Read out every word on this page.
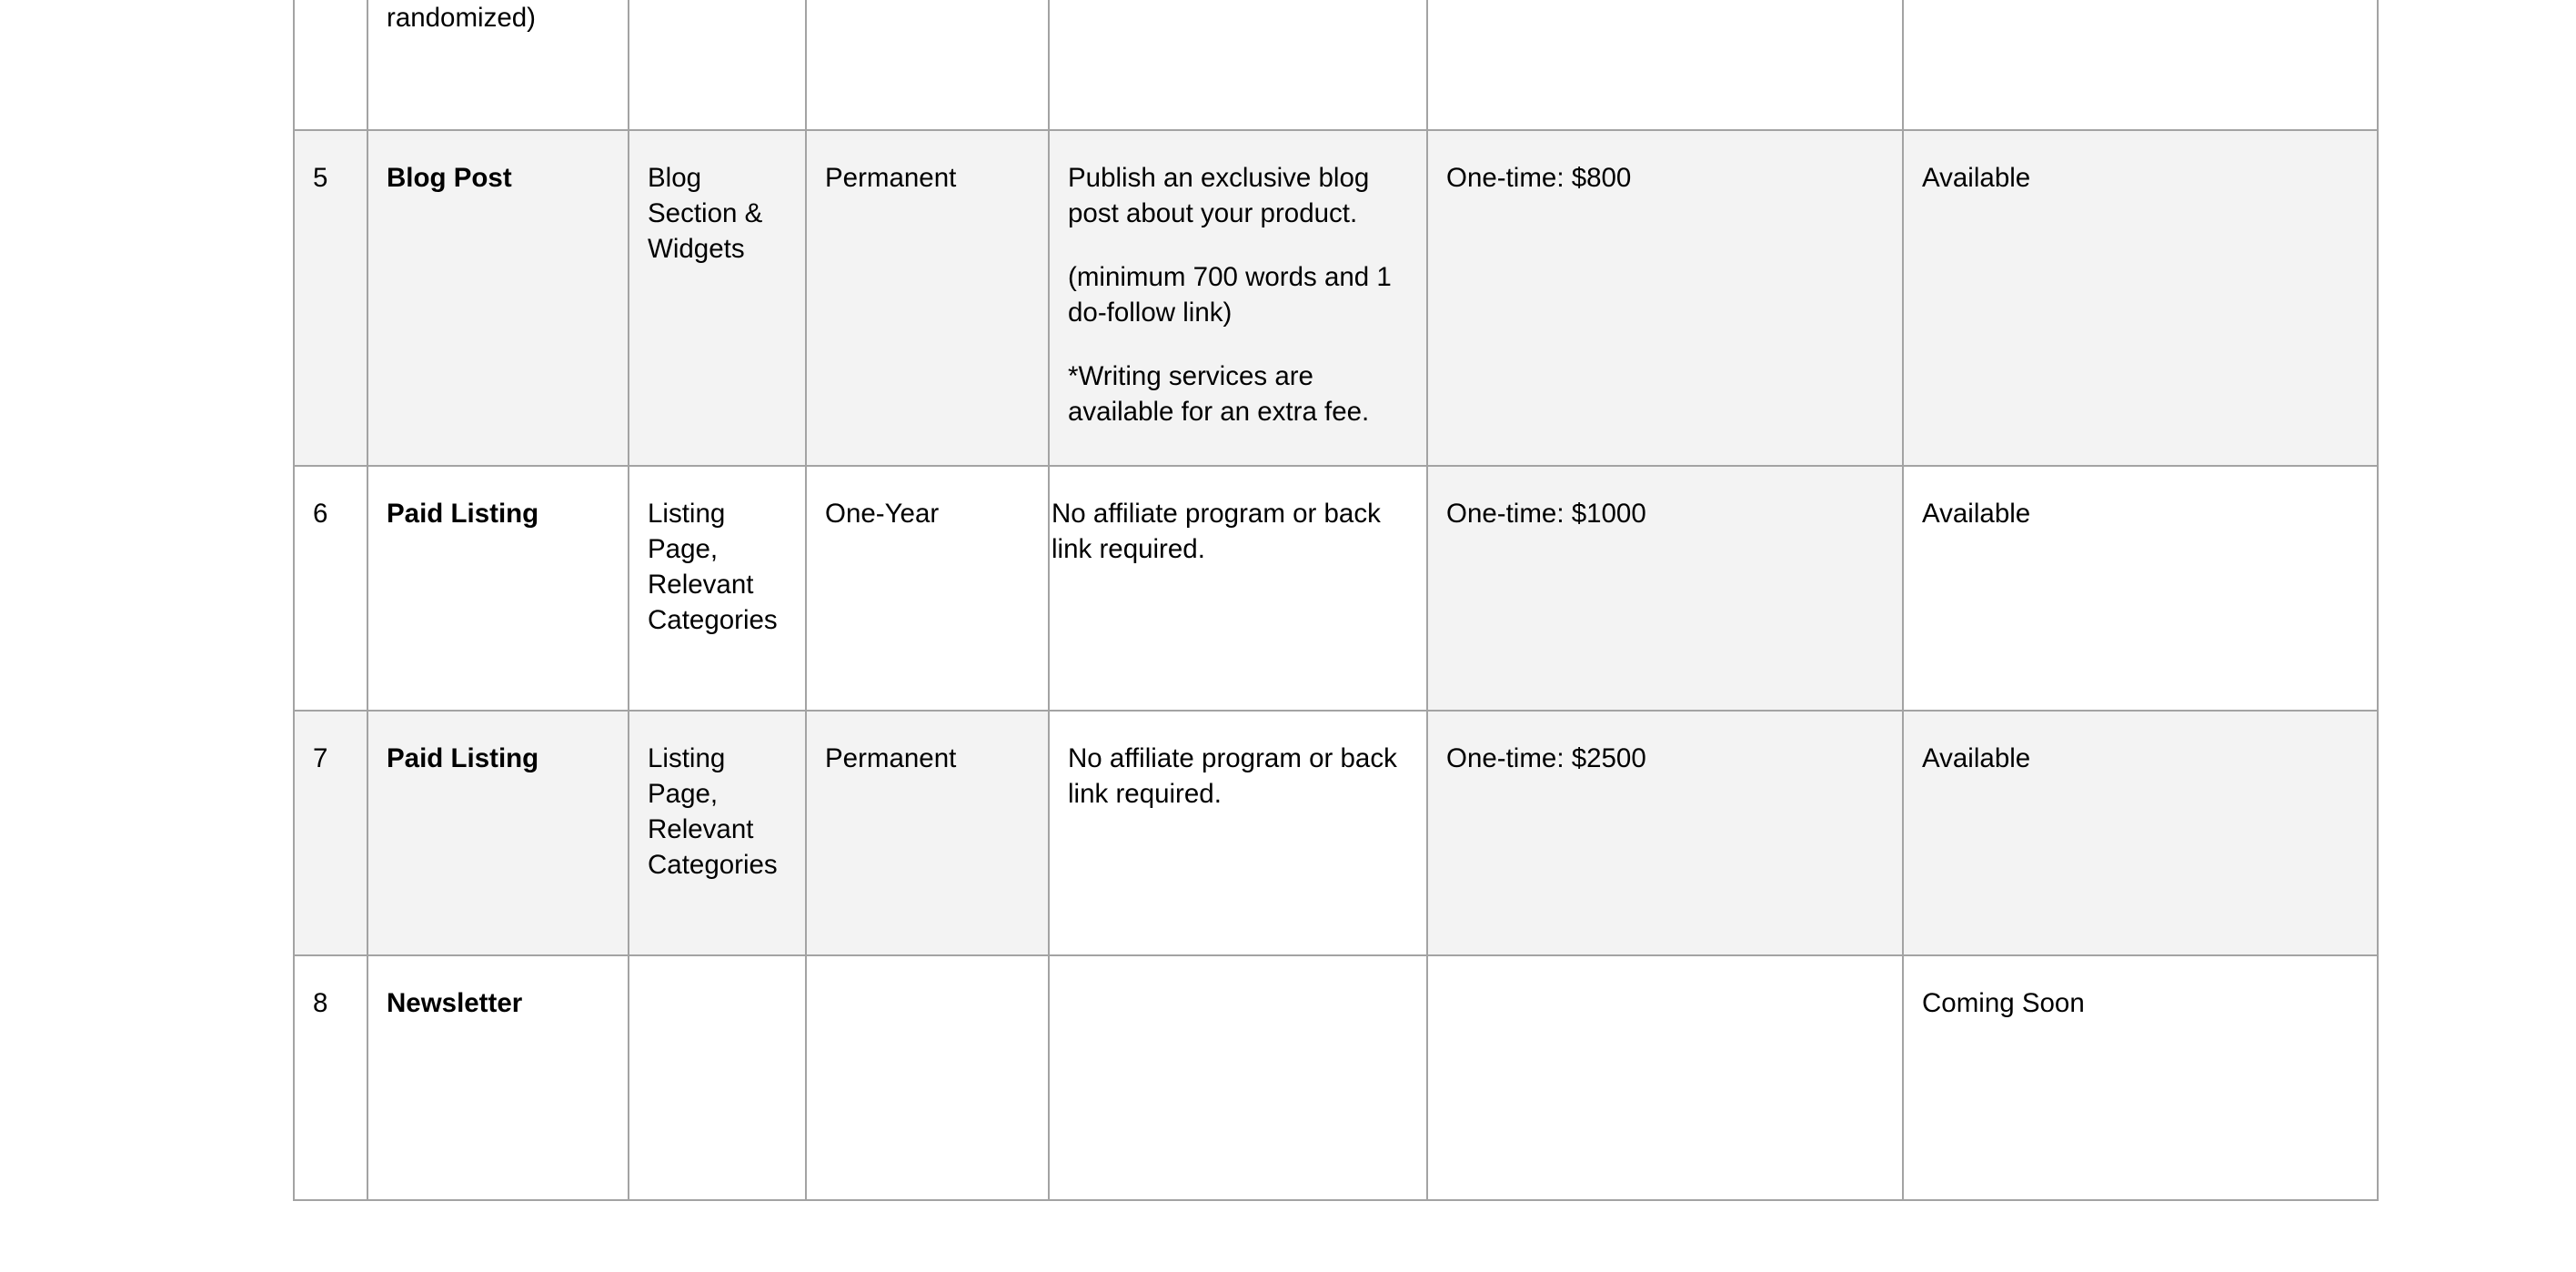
	randomized)					
5	Blog Post	Blog Section & Widgets	Permanent	Publish an exclusive blog post about your product.

(minimum 700 words and 1 do-follow link)

*Writing services are available for an extra fee.	One-time: $800	Available
6	Paid Listing	Listing Page, Relevant Categories	One-Year	No affiliate program or back link required.	One-time: $1000	Available
7	Paid Listing	Listing Page, Relevant Categories	Permanent	No affiliate program or back link required.	One-time: $2500	Available
8	Newsletter					Coming Soon
